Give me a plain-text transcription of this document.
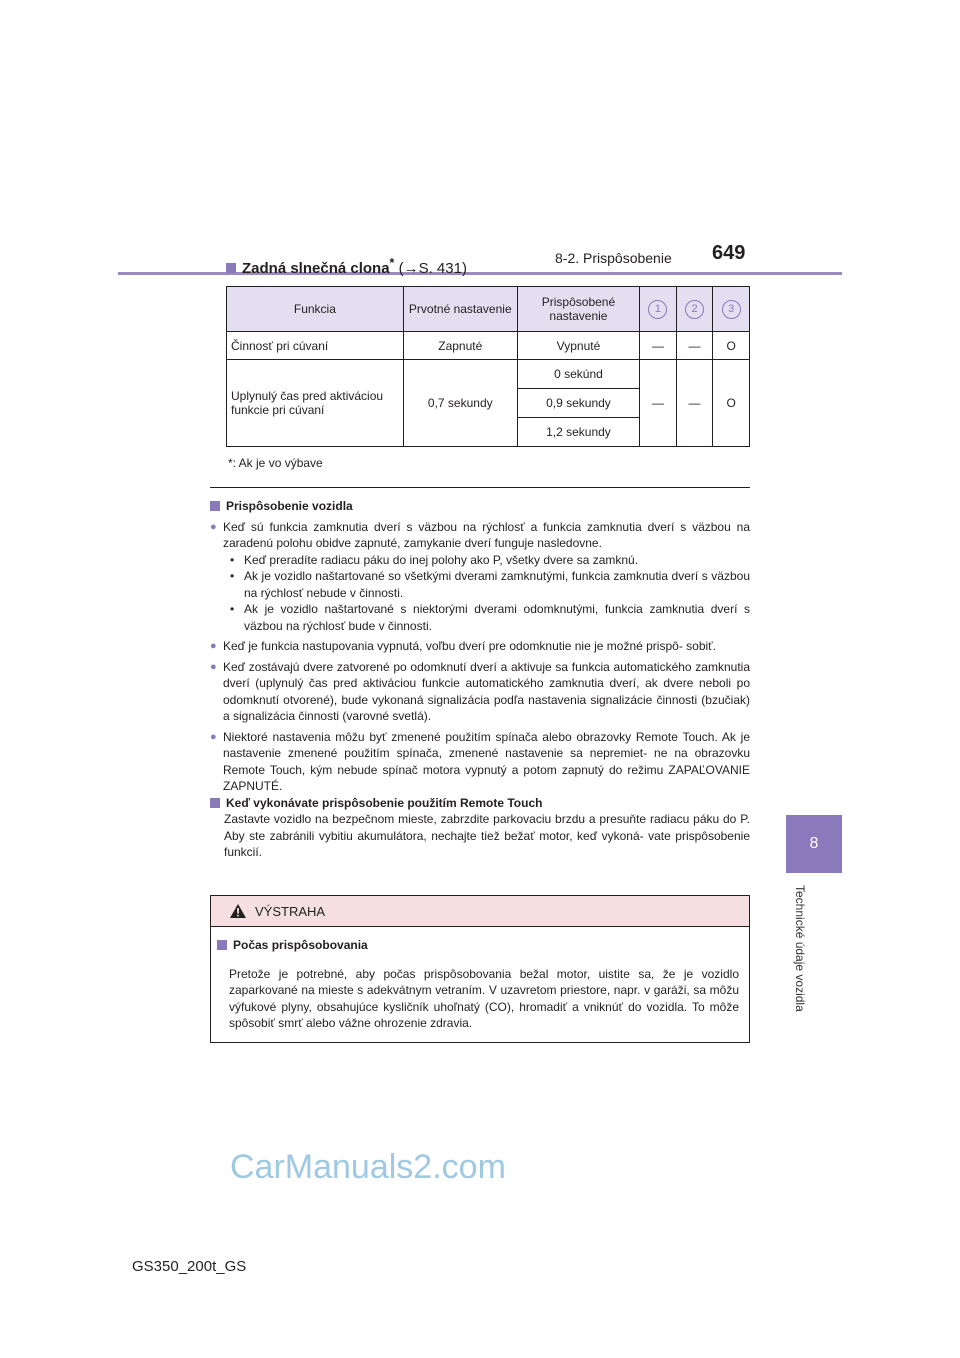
8-2. Prispôsobenie 649
8
Technické údaje vozidla
Zadná slnečná clona* (→S. 431)
Funkcia	Prvotné nastavenie	Prispôsobené nastavenie	1	2	3
Činnosť pri cúvaní	Zapnuté	Vypnuté	—	—	O
Uplynulý čas pred aktiváciou funkcie pri cúvaní	0,7 sekundy	0 sekúnd	—	—	O
		0,9 sekundy			
		1,2 sekundy			
*: Ak je vo výbave

Prispôsobenie vozidla

● Keď sú funkcia zamknutia dverí s väzbou na rýchlosť a funkcia zamknutia dverí s väzbou na zaradenú polohu obidve zapnuté, zamykanie dverí funguje nasledovne.
• Keď preradíte radiacu páku do inej polohy ako P, všetky dvere sa zamknú.
• Ak je vozidlo naštartované so všetkými dverami zamknutými, funkcia zamknutia dverí s väzbou na rýchlosť nebude v činnosti.
• Ak je vozidlo naštartované s niektorými dverami odomknutými, funkcia zamknutia dverí s väzbou na rýchlosť bude v činnosti.
● Keď je funkcia nastupovania vypnutá, voľbu dverí pre odomknutie nie je možné prispô- sobiť.
● Keď zostávajú dvere zatvorené po odomknutí dverí a aktivuje sa funkcia automatického zamknutia dverí (uplynulý čas pred aktiváciou funkcie automatického zamknutia dverí, ak dvere neboli po odomknutí otvorené), bude vykonaná signalizácia podľa nastavenia signalizácie činnosti (bzučiak) a signalizácia činnosti (varovné svetlá).
● Niektoré nastavenia môžu byť zmenené použitím spínača alebo obrazovky Remote Touch. Ak je nastavenie zmenené použitím spínača, zmenené nastavenie sa nepremiet- ne na obrazovku Remote Touch, kým nebude spínač motora vypnutý a potom zapnutý do režimu ZAPAĽOVANIE ZAPNUTÉ.

Keď vykonávate prispôsobenie použitím Remote Touch

Zastavte vozidlo na bezpečnom mieste, zabrzdite parkovaciu brzdu a presuňte radiacu páku do P. Aby ste zabránili vybitiu akumulátora, nechajte tiež bežať motor, keď vykoná- vate prispôsobenie funkcií.

VÝSTRAHA

Počas prispôsobovania

Pretože je potrebné, aby počas prispôsobovania bežal motor, uistite sa, že je vozidlo zaparkované na mieste s adekvátnym vetraním. V uzavretom priestore, napr. v garáži, sa môžu výfukové plyny, obsahujúce kysličník uhoľnatý (CO), hromadiť a vniknúť do vozidla. To môže spôsobiť smrť alebo vážne ohrozenie zdravia.

CarManuals2.com
GS350_200t_GS
